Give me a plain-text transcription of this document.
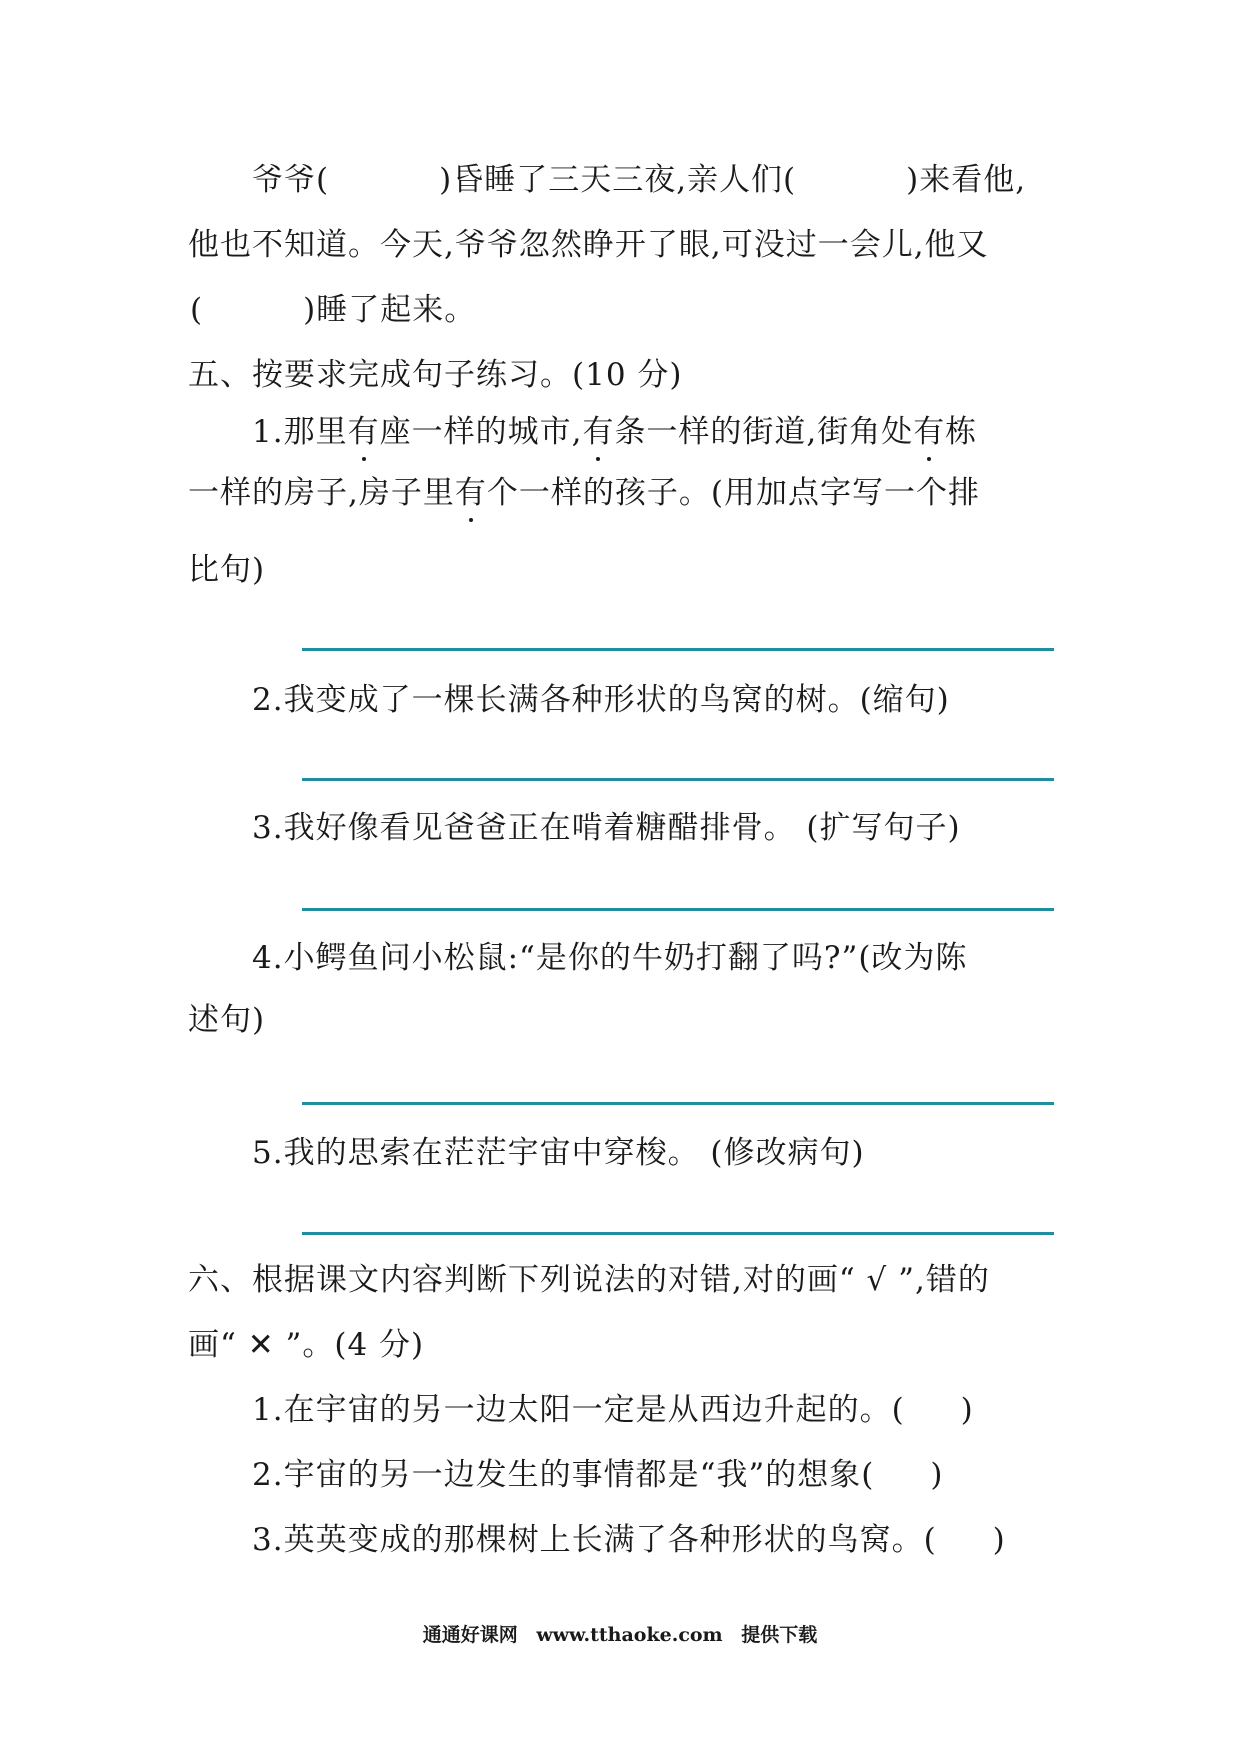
爷爷(	)昏睡了三天三夜,亲人们(	)来看他,
他也不知道。今天,爷爷忽然睁开了眼,可没过一会儿,他又
(	)睡了起来。
五、按要求完成句子练习。(10 分)
1.那里有座一样的城市,有条一样的街道,街角处有栋
一样的房子,房子里有个一样的孩子。(用加点字写一个排
比句)
2.我变成了一棵长满各种形状的鸟窝的树。(缩句)
3.我好像看见爸爸正在啃着糖醋排骨。 (扩写句子)
4.小鳄鱼问小松鼠:“是你的牛奶打翻了吗?”(改为陈
述句)
5.我的思索在茫茫宇宙中穿梭。 (修改病句)
六、根据课文内容判断下列说法的对错,对的画“ √ ”,错的
画“ ✕ ”。(4 分)
1.在宇宙的另一边太阳一定是从西边升起的。( )
2.宇宙的另一边发生的事情都是“我”的想象( )
3.英英变成的那棵树上长满了各种形状的鸟窝。( )
通通好课网 www.tthaoke.com 提供下载
